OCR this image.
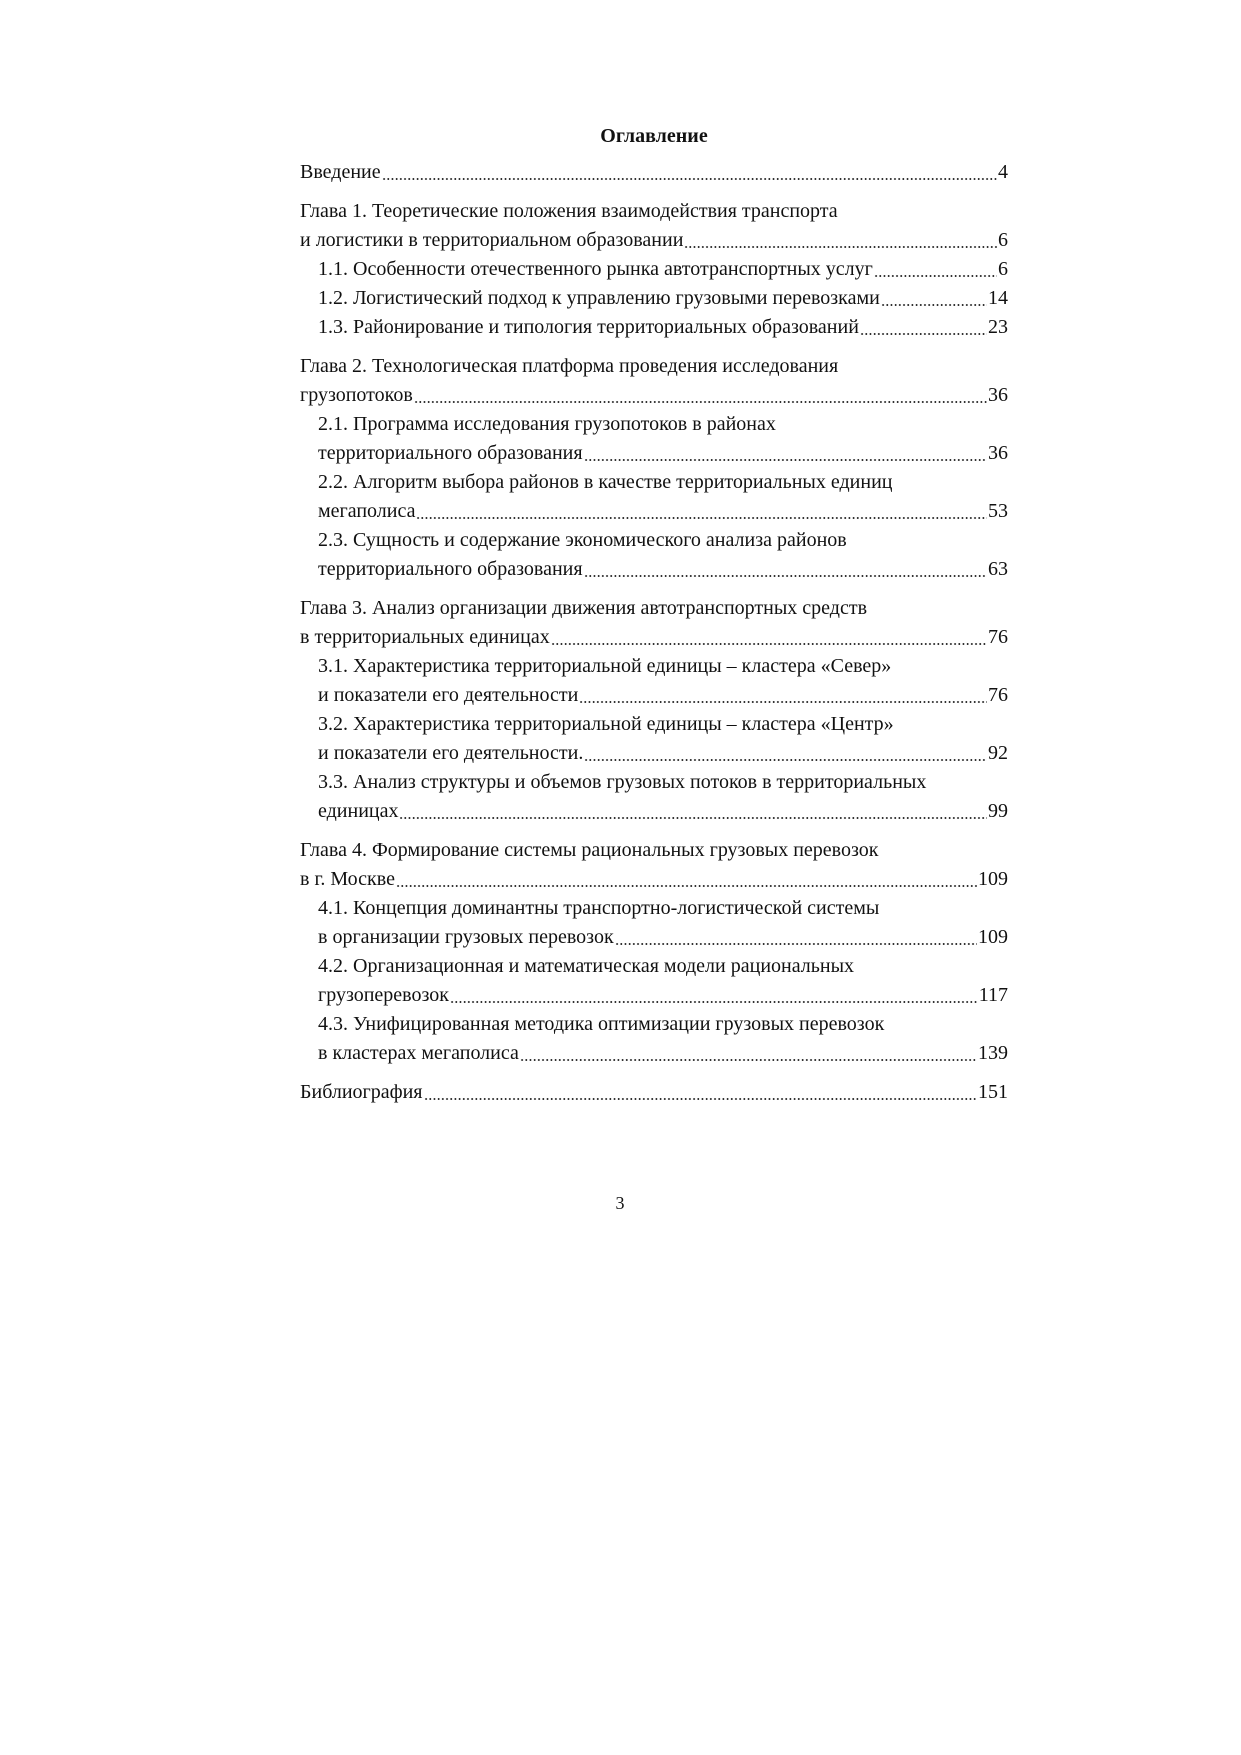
Оглавление
Введение	4
Глава 1. Теоретические положения взаимодействия транспорта
и логистики в территориальном образовании	6
1.1. Особенности отечественного рынка автотранспортных услуг	6
1.2. Логистический подход к управлению грузовыми перевозками	14
1.3. Районирование и типология территориальных образований	23
Глава 2. Технологическая платформа проведения исследования
грузопотоков	36
2.1. Программа исследования грузопотоков в районах
территориального образования	36
2.2. Алгоритм выбора районов в качестве территориальных единиц
мегаполиса	53
2.3. Сущность и содержание экономического анализа районов
территориального образования	63
Глава 3. Анализ организации движения автотранспортных средств
в территориальных единицах	76
3.1. Характеристика территориальной единицы – кластера «Север»
и показатели его деятельности	76
3.2. Характеристика территориальной единицы – кластера «Центр»
и показатели его деятельности.	92
3.3. Анализ структуры и объемов грузовых потоков в территориальных
единицах	99
Глава 4. Формирование системы рациональных грузовых перевозок
в г. Москве	109
4.1. Концепция доминантны транспортно-логистической системы
в организации грузовых перевозок	109
4.2. Организационная и математическая модели рациональных
грузоперевозок	117
4.3. Унифицированная методика оптимизации грузовых перевозок
в кластерах мегаполиса	139
Библиография	151
3
